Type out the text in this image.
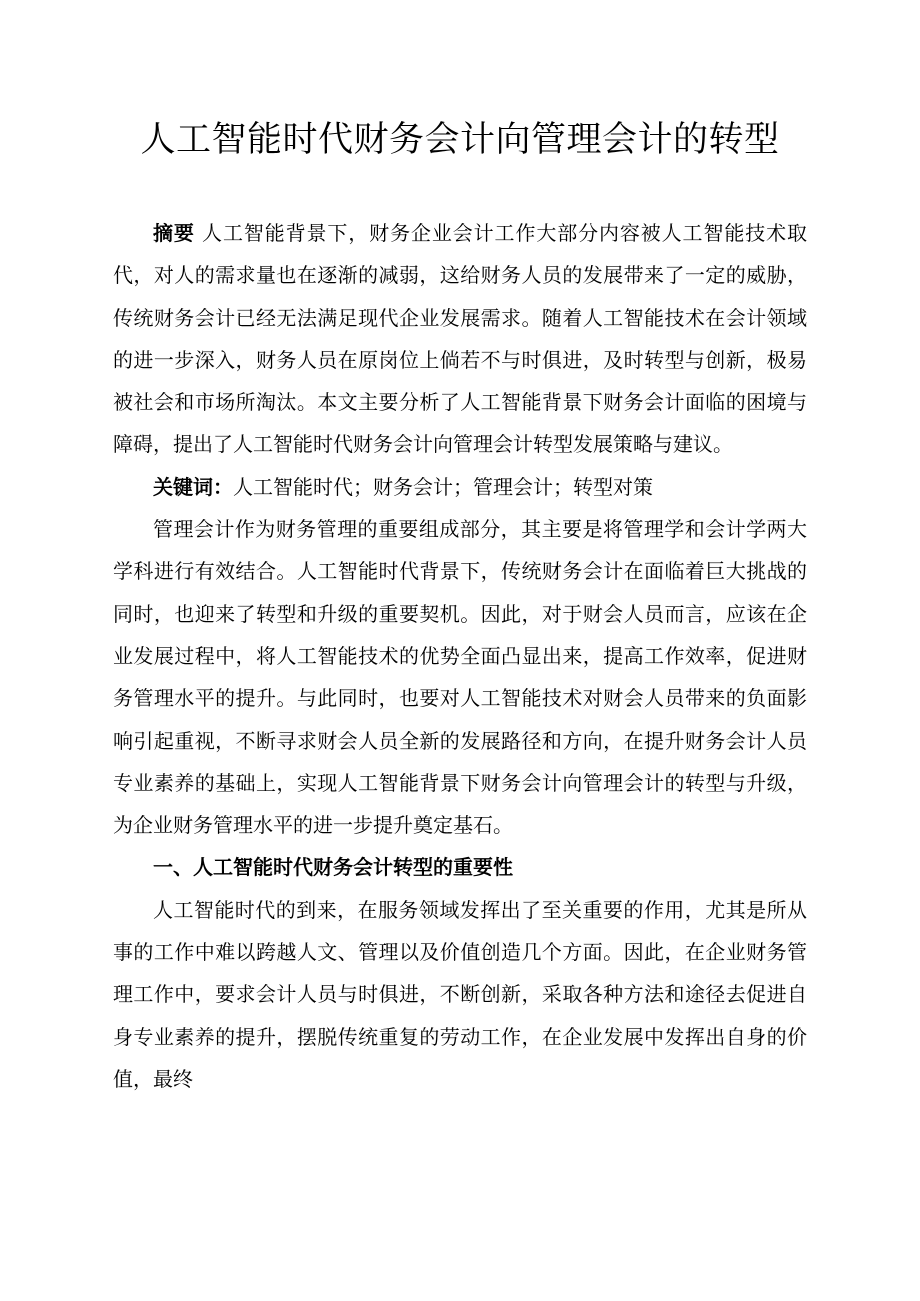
人工智能时代财务会计向管理会计的转型

摘要 人工智能背景下，财务企业会计工作大部分内容被人工智能技术取代，对人的需求量也在逐渐的减弱，这给财务人员的发展带来了一定的威胁，传统财务会计已经无法满足现代企业发展需求。随着人工智能技术在会计领域的进一步深入，财务人员在原岗位上倘若不与时俱进，及时转型与创新，极易被社会和市场所淘汰。本文主要分析了人工智能背景下财务会计面临的困境与障碍，提出了人工智能时代财务会计向管理会计转型发展策略与建议。

关键词：人工智能时代；财务会计；管理会计；转型对策

管理会计作为财务管理的重要组成部分，其主要是将管理学和会计学两大学科进行有效结合。人工智能时代背景下，传统财务会计在面临着巨大挑战的同时，也迎来了转型和升级的重要契机。因此，对于财会人员而言，应该在企业发展过程中，将人工智能技术的优势全面凸显出来，提高工作效率，促进财务管理水平的提升。与此同时，也要对人工智能技术对财会人员带来的负面影响引起重视，不断寻求财会人员全新的发展路径和方向，在提升财务会计人员专业素养的基础上，实现人工智能背景下财务会计向管理会计的转型与升级，为企业财务管理水平的进一步提升奠定基石。

一、人工智能时代财务会计转型的重要性

人工智能时代的到来，在服务领域发挥出了至关重要的作用，尤其是所从事的工作中难以跨越人文、管理以及价值创造几个方面。因此，在企业财务管理工作中，要求会计人员与时俱进，不断创新，采取各种方法和途径去促进自身专业素养的提升，摆脱传统重复的劳动工作，在企业发展中发挥出自身的价值，最终
